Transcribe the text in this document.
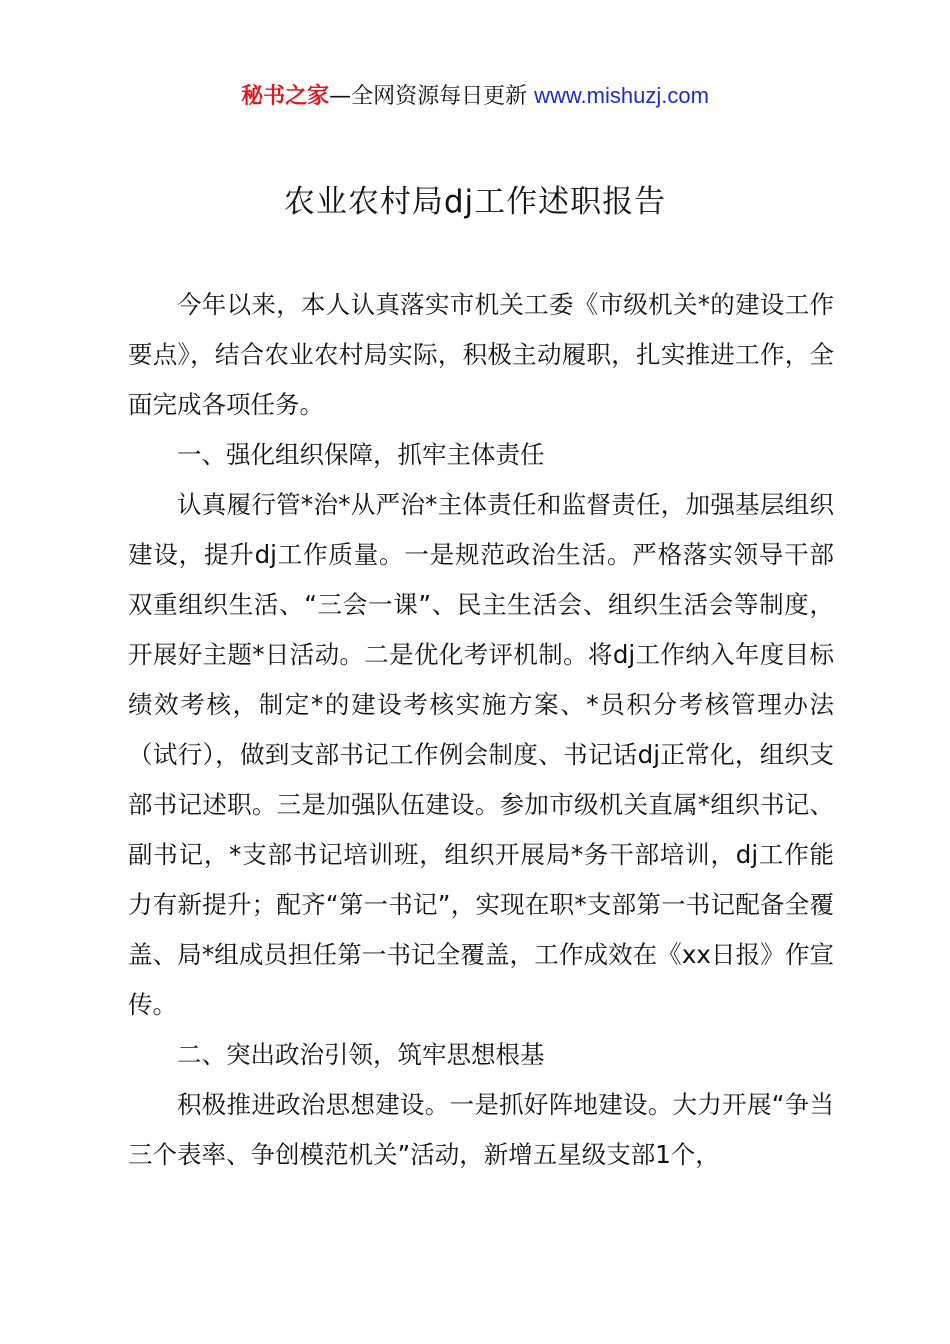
秘书之家—全网资源每日更新 www.mishuzj.com
农业农村局dj工作述职报告

今年以来，本人认真落实市机关工委《市级机关*的建设工作要点》，结合农业农村局实际，积极主动履职，扎实推进工作，全面完成各项任务。

一、强化组织保障，抓牢主体责任

认真履行管*治*从严治*主体责任和监督责任，加强基层组织建设，提升dj工作质量。一是规范政治生活。严格落实领导干部双重组织生活、“三会一课”、民主生活会、组织生活会等制度，开展好主题*日活动。二是优化考评机制。将dj工作纳入年度目标绩效考核，制定*的建设考核实施方案、*员积分考核管理办法（试行），做到支部书记工作例会制度、书记话dj正常化，组织支部书记述职。三是加强队伍建设。参加市级机关直属*组织书记、副书记，*支部书记培训班，组织开展局*务干部培训，dj工作能力有新提升；配齐“第一书记”，实现在职*支部第一书记配备全覆盖、局*组成员担任第一书记全覆盖，工作成效在《xx日报》作宣传。

二、突出政治引领，筑牢思想根基

积极推进政治思想建设。一是抓好阵地建设。大力开展“争当三个表率、争创模范机关”活动，新增五星级支部1个，
